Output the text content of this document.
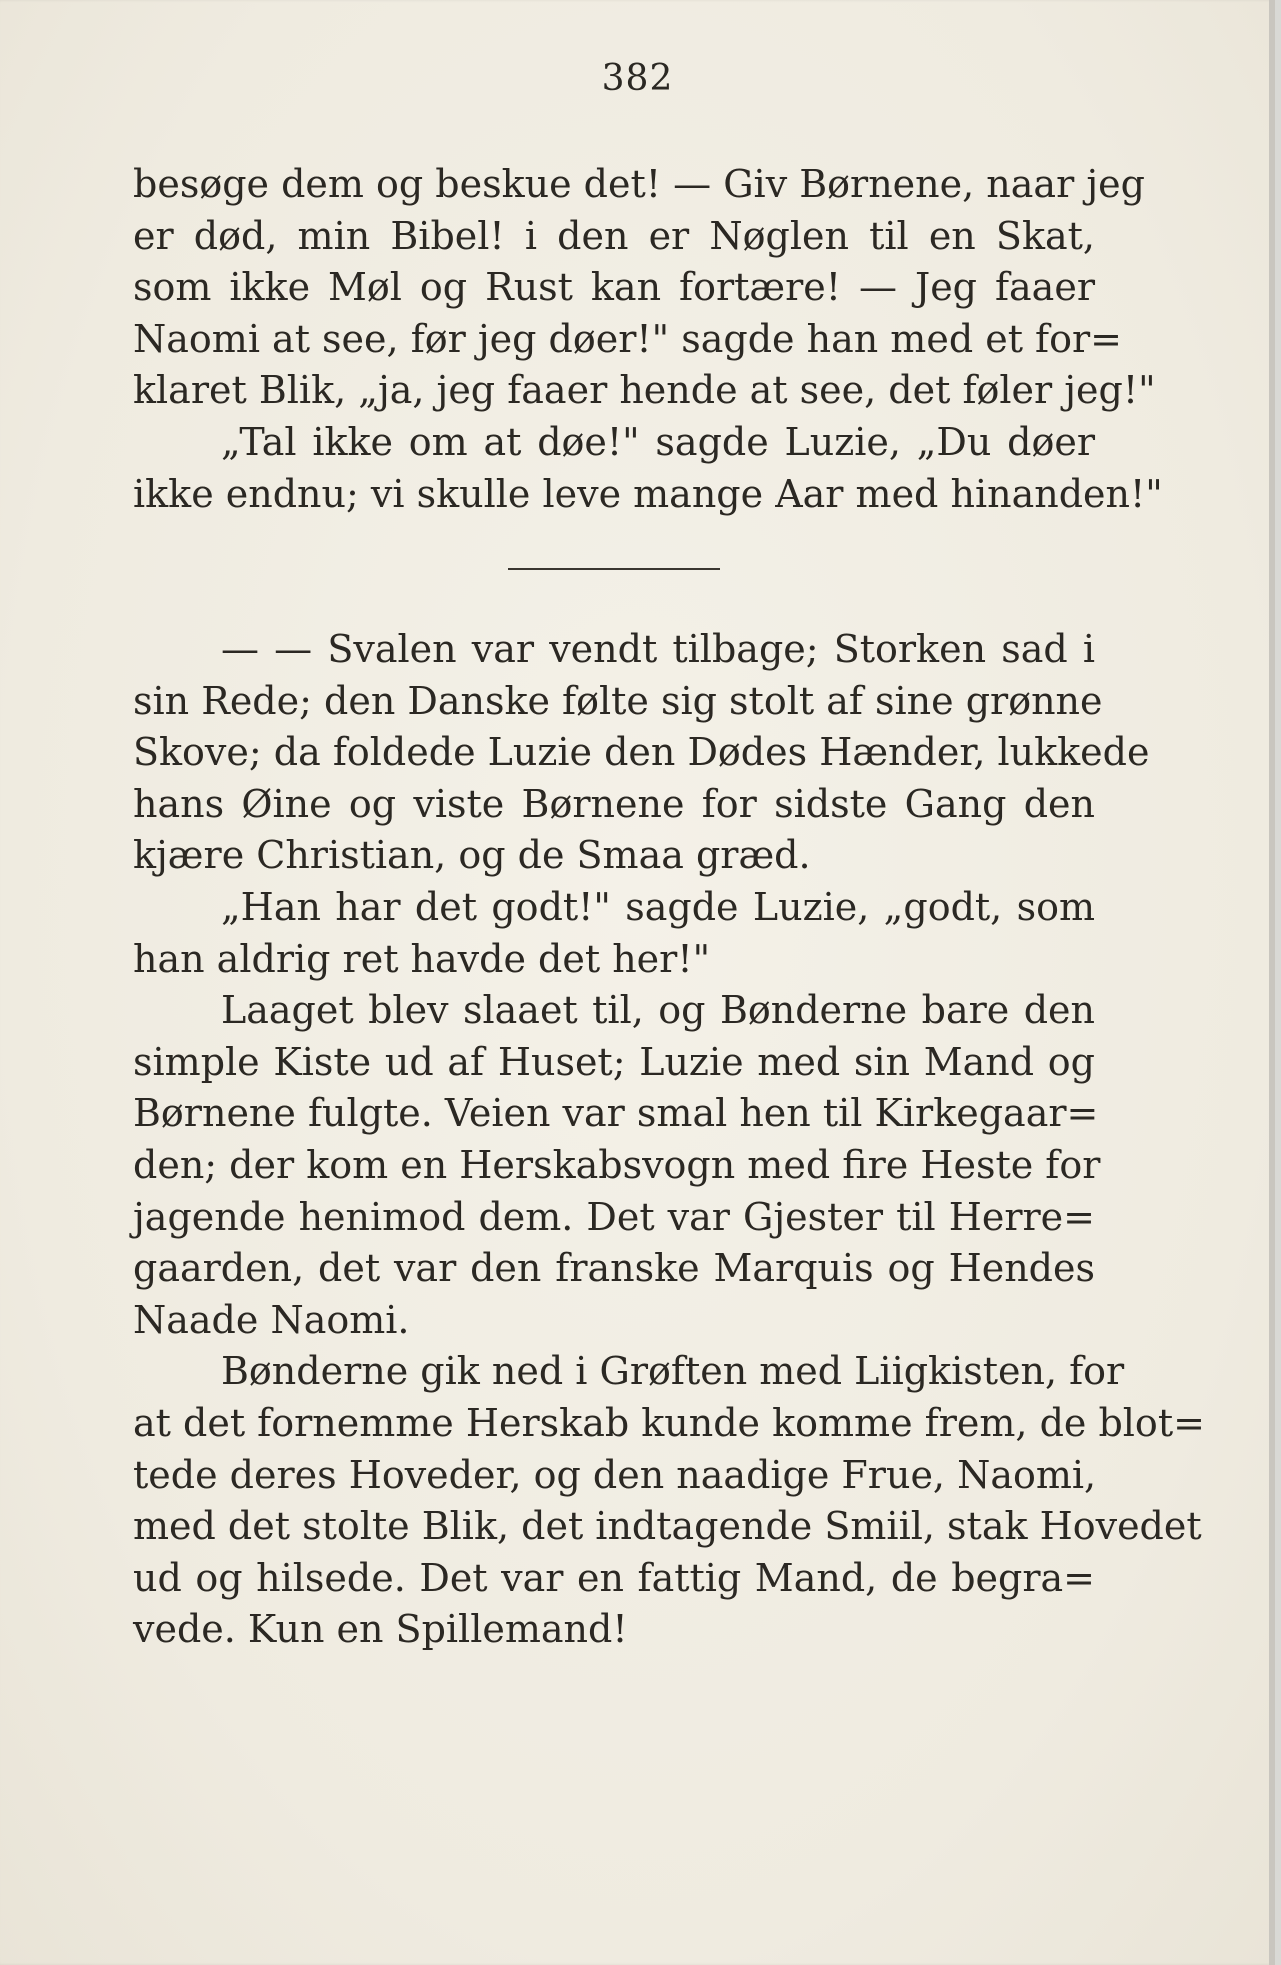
382
besøge dem og beskue det! — Giv Børnene, naar jeg
er død, min Bibel! i den er Nøglen til en Skat,
som ikke Møl og Rust kan fortære! — Jeg faaer
Naomi at see, før jeg døer!" sagde han med et for=
klaret Blik, „ja, jeg faaer hende at see, det føler jeg!"
„Tal ikke om at døe!" sagde Luzie, „Du døer
ikke endnu; vi skulle leve mange Aar med hinanden!"
— — Svalen var vendt tilbage; Storken sad i
sin Rede; den Danske følte sig stolt af sine grønne
Skove; da foldede Luzie den Dødes Hænder, lukkede
hans Øine og viste Børnene for sidste Gang den
kjære Christian, og de Smaa græd.
„Han har det godt!" sagde Luzie, „godt, som
han aldrig ret havde det her!"
Laaget blev slaaet til, og Bønderne bare den
simple Kiste ud af Huset; Luzie med sin Mand og
Børnene fulgte. Veien var smal hen til Kirkegaar=
den; der kom en Herskabsvogn med fire Heste for
jagende henimod dem. Det var Gjester til Herre=
gaarden, det var den franske Marquis og Hendes
Naade Naomi.
Bønderne gik ned i Grøften med Liigkisten, for
at det fornemme Herskab kunde komme frem, de blot=
tede deres Hoveder, og den naadige Frue, Naomi,
med det stolte Blik, det indtagende Smiil, stak Hovedet
ud og hilsede. Det var en fattig Mand, de begra=
vede. Kun en Spillemand!
